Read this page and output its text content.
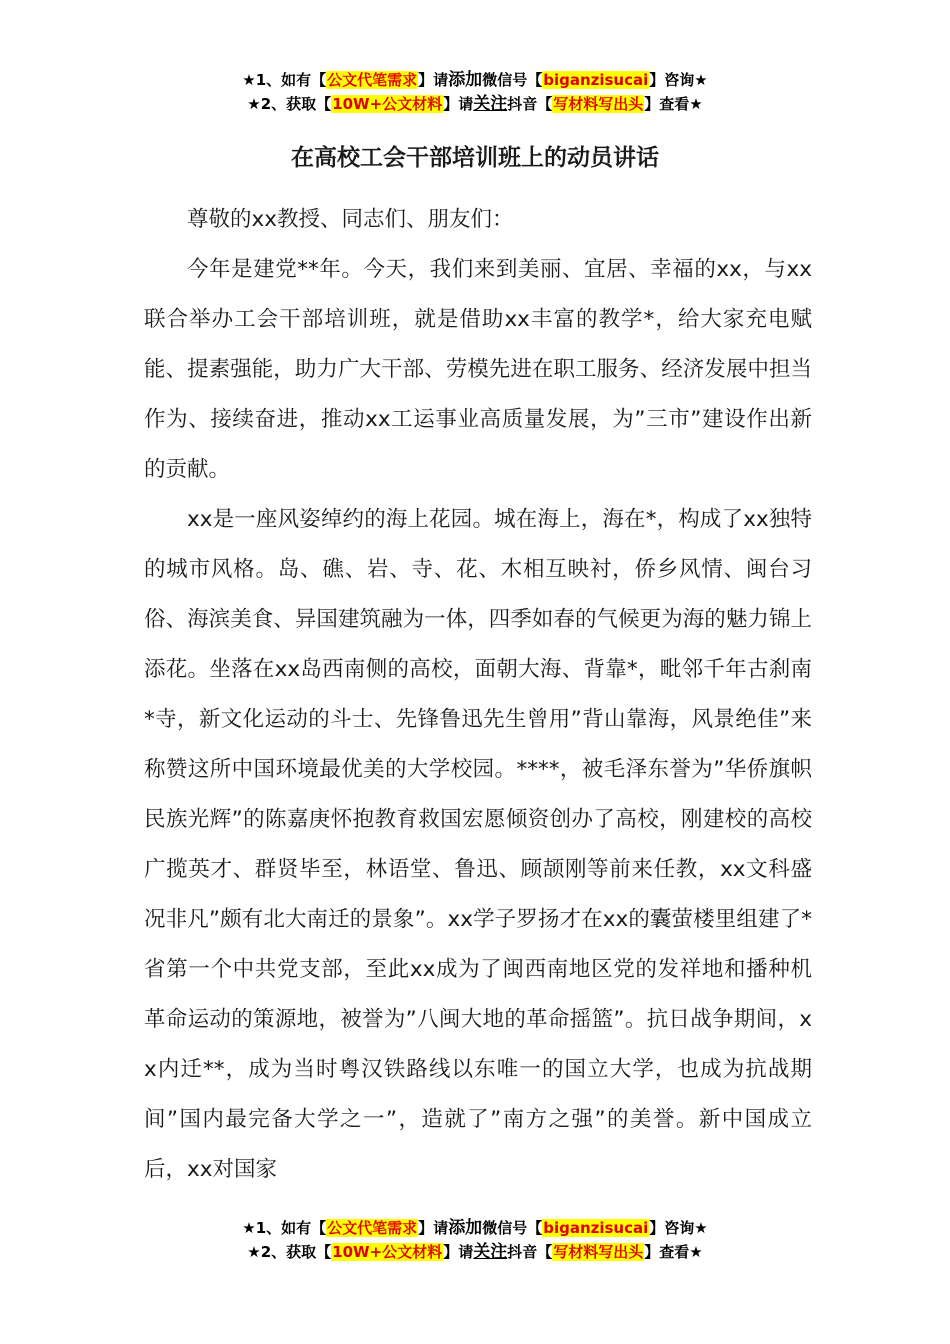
★1、如有【公文代笔需求】请添加微信号【biganzisucai】咨询★
★2、获取【10W+公文材料】请关注抖音【写材料写出头】查看★
在高校工会干部培训班上的动员讲话

尊敬的xx教授、同志们、朋友们：

今年是建党**年。今天，我们来到美丽、宜居、幸福的xx，与xx联合举办工会干部培训班，就是借助xx丰富的教学*，给大家充电赋能、提素强能，助力广大干部、劳模先进在职工服务、经济发展中担当作为、接续奋进，推动xx工运事业高质量发展，为”三市”建设作出新的贡献。

xx是一座风姿绰约的海上花园。城在海上，海在*，构成了xx独特的城市风格。岛、礁、岩、寺、花、木相互映衬，侨乡风情、闽台习俗、海滨美食、异国建筑融为一体，四季如春的气候更为海的魅力锦上添花。坐落在xx岛西南侧的高校，面朝大海、背靠*，毗邻千年古刹南*寺，新文化运动的斗士、先锋鲁迅先生曾用”背山靠海，风景绝佳”来称赞这所中国环境最优美的大学校园。****，被毛泽东誉为”华侨旗帜民族光辉”的陈嘉庚怀抱教育救国宏愿倾资创办了高校，刚建校的高校广揽英才、群贤毕至，林语堂、鲁迅、顾颉刚等前来任教，xx文科盛况非凡”颇有北大南迁的景象”。xx学子罗扬才在xx的囊萤楼里组建了*省第一个中共党支部，至此xx成为了闽西南地区党的发祥地和播种机革命运动的策源地，被誉为”八闽大地的革命摇篮”。抗日战争期间，xx内迁**，成为当时粤汉铁路线以东唯一的国立大学，也成为抗战期间”国内最完备大学之一”，造就了”南方之强”的美誉。新中国成立后，xx对国家

★1、如有【公文代笔需求】请添加微信号【biganzisucai】咨询★
★2、获取【10W+公文材料】请关注抖音【写材料写出头】查看★
